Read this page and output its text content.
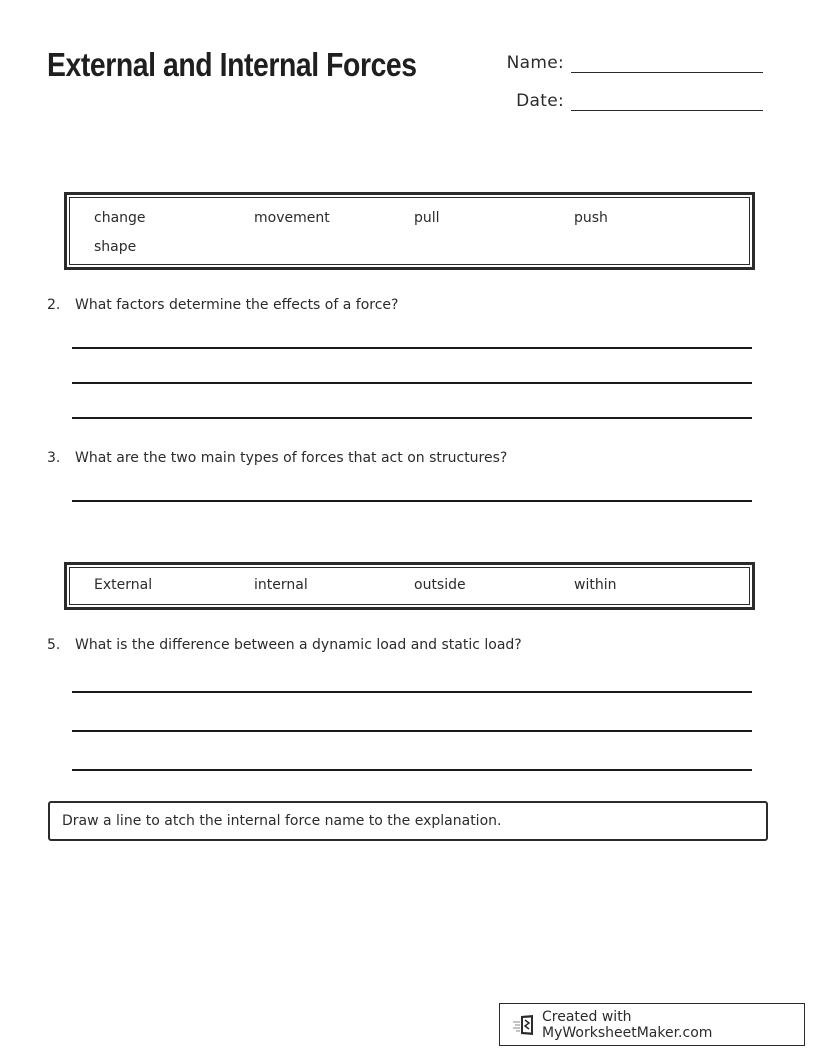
External and Internal Forces	Name:
Date:
change	movement	pull	push
shape
2.	What factors determine the effects of a force?
3.	What are the two main types of forces that act on structures?
External	internal	outside	within
5.	What is the difference between a dynamic load and static load?
Draw a line to atch the internal force name to the explanation.
Created with MyWorksheetMaker.com
